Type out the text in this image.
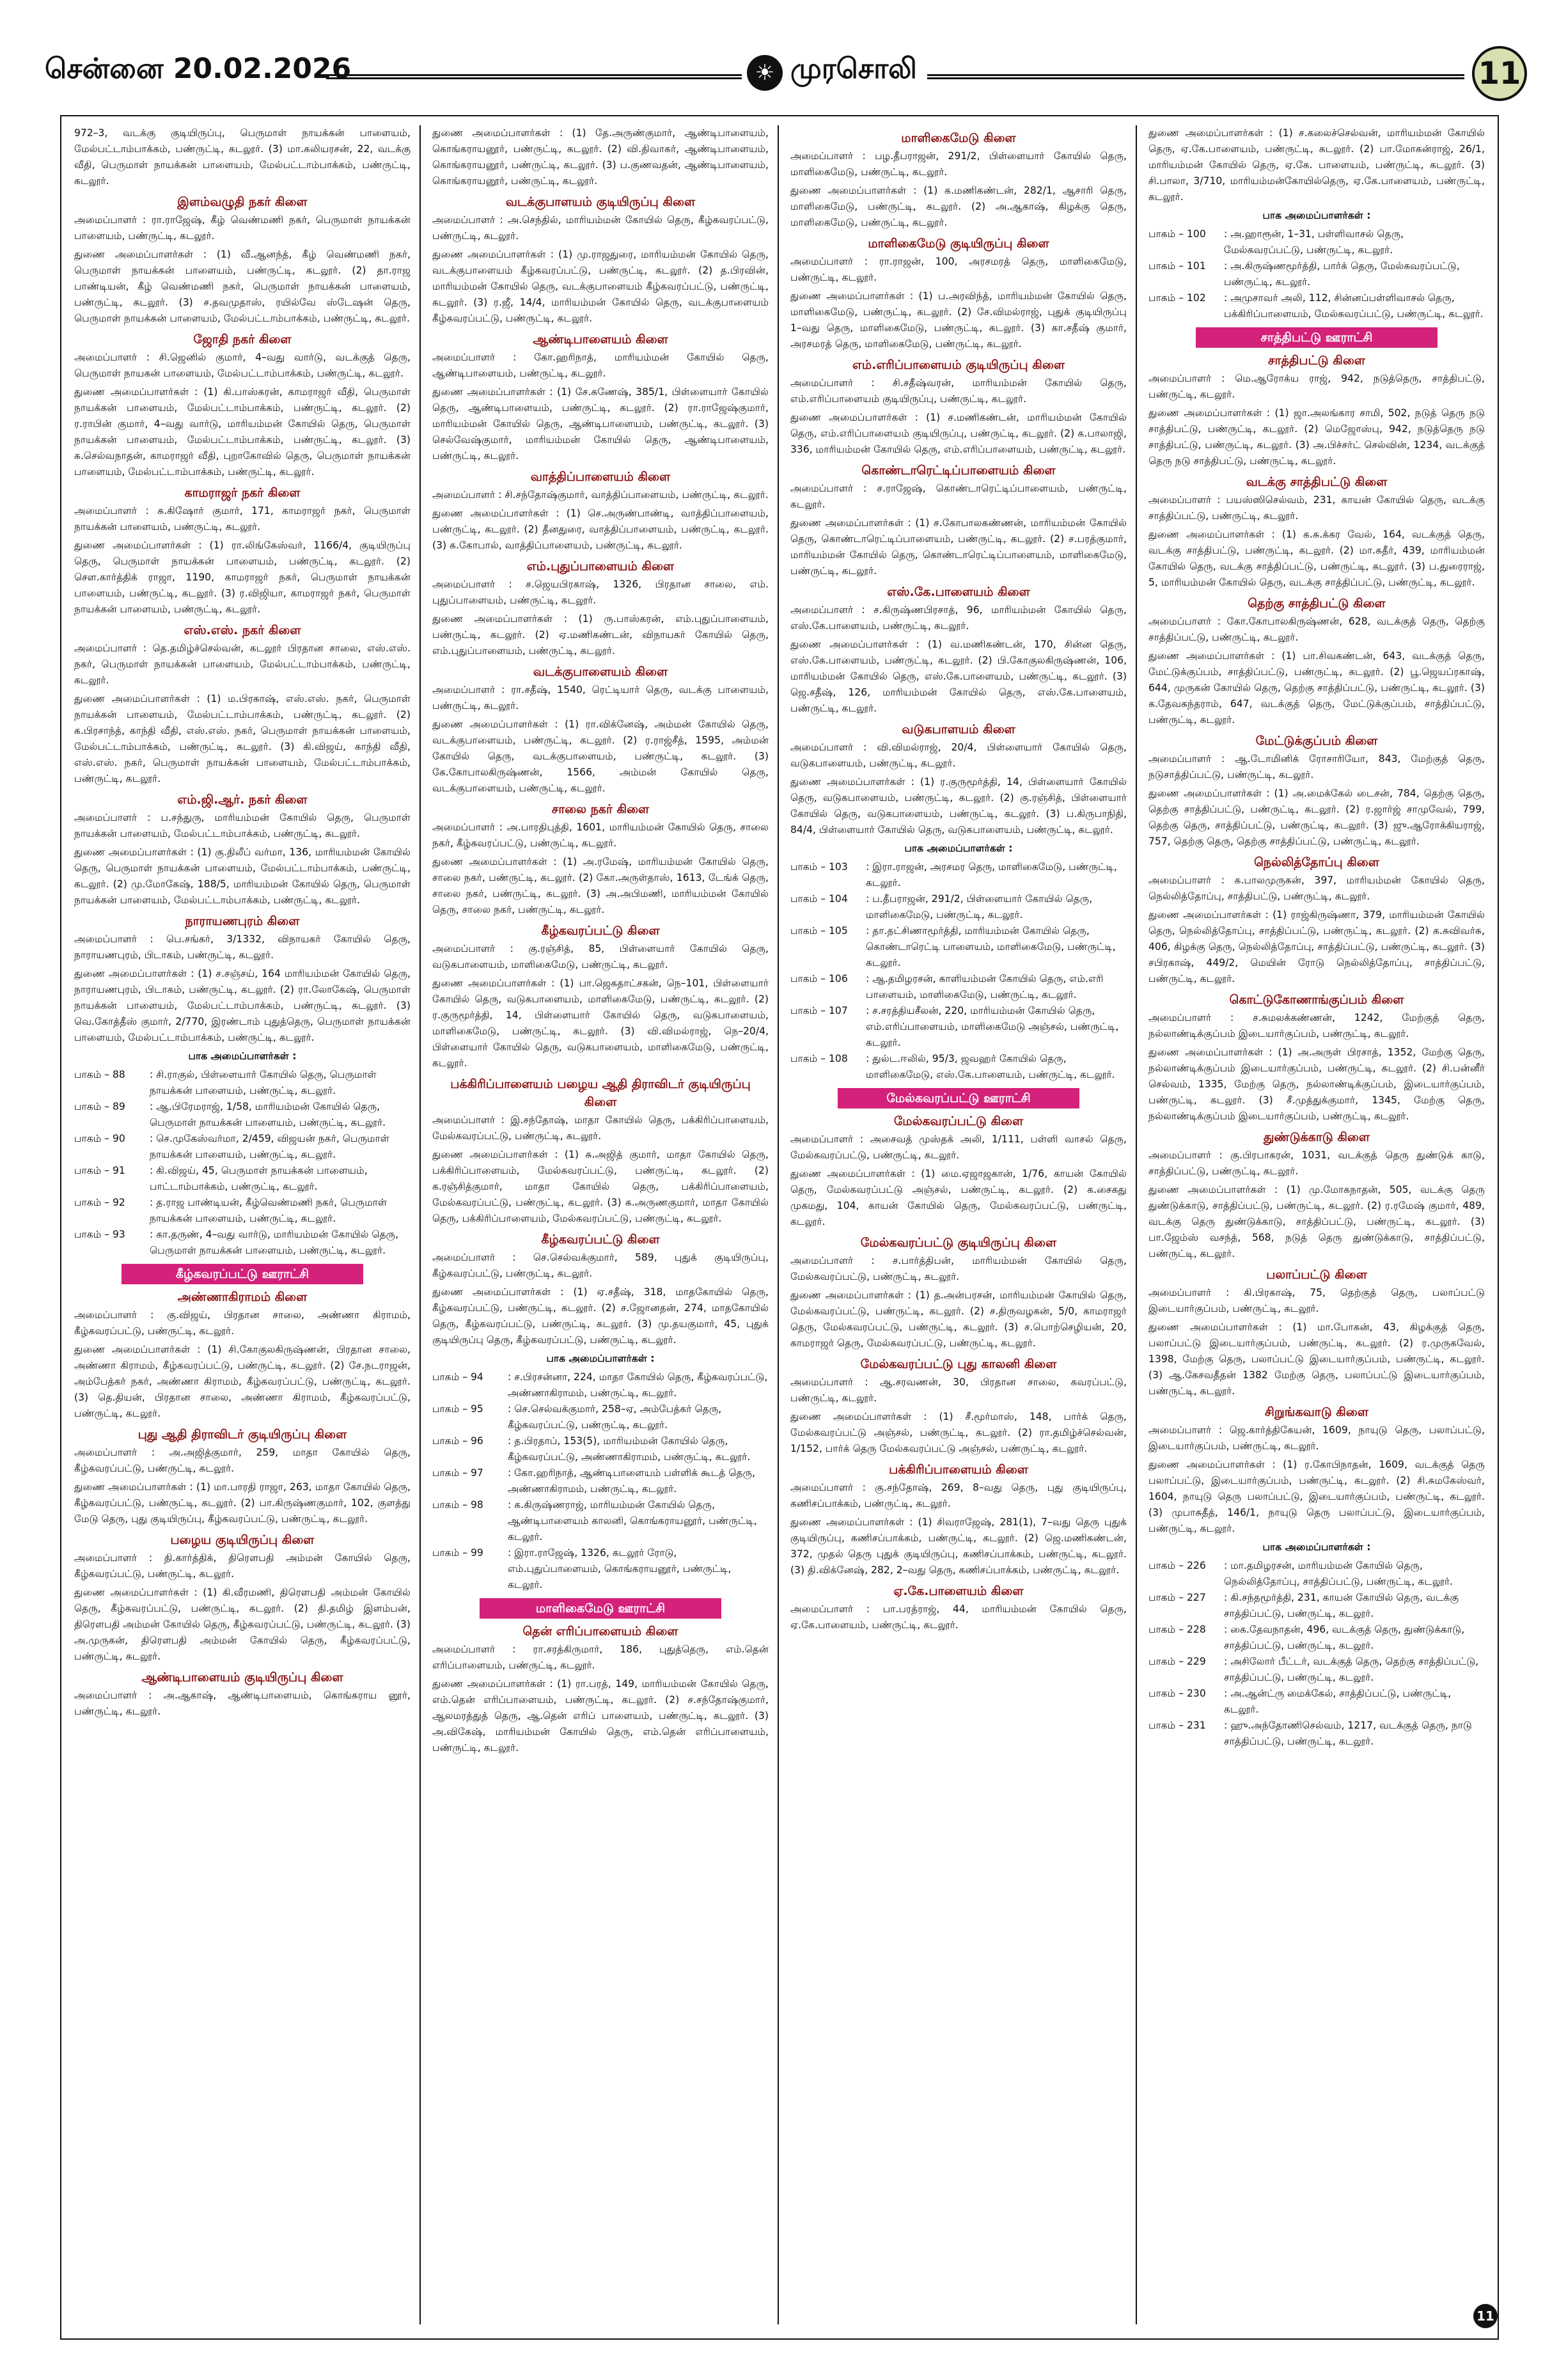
சென்னை 20.02.2026	☀ முரசொலி	11

972–3, வடக்கு குடியிருப்பு, பெருமாள் நாயக்கன் பாளையம், மேல்பட்டாம்பாக்கம், பண்ருட்டி, கடலூர். (3) மா.கலியரசன், 22, வடக்கு வீதி, பெருமாள் நாயக்கன் பாளையம், மேல்பட்டாம்பாக்கம், பண்ருட்டி, கடலூர்.

இளம்வழுதி நகர் கிளை

அமைப்பாளர் : ரா.ராஜேஷ், கீழ் வெண்மணி நகர், பெருமாள் நாயக்கன் பாளையம், பண்ருட்டி, கடலூர்.

துணை அமைப்பாளர்கள் : (1) வீ.ஆனந்த், கீழ் வெண்மணி நகர், பெருமாள் நாயக்கன் பாளையம், பண்ருட்டி, கடலூர். (2) தா.ராஜ பாண்டியன், கீழ் வெண்மணி நகர், பெருமாள் நாயக்கன் பாளையம், பண்ருட்டி, கடலூர். (3) ச.தவமுதாஸ், ரயில்வே ஸ்டேஷன் தெரு, பெருமாள் நாயக்கன் பாளையம், மேல்பட்டாம்பாக்கம், பண்ருட்டி, கடலூர்.

ஜோதி நகர் கிளை

அமைப்பாளர் : சி.ஜெனில் குமார், 4–வது வார்டு, வடக்குத் தெரு, பெருமாள் நாயகன் பாளையம், மேல்பட்டாம்பாக்கம், பண்ருட்டி, கடலூர்.

துணை அமைப்பாளர்கள் : (1) கி.பாஸ்கரன், காமராஜர் வீதி, பெருமாள் நாயக்கன் பாளையம், மேல்பட்டாம்பாக்கம், பண்ருட்டி, கடலூர். (2) ர.ராபின் குமார், 4–வது வார்டு, மாரியம்மன் கோயில் தெரு, பெருமாள் நாயக்கன் பாளையம், மேல்பட்டாம்பாக்கம், பண்ருட்டி, கடலூர். (3) க.செல்வநாதன், காமராஜர் வீதி, புறாகோவில் தெரு, பெருமாள் நாயக்கன் பாளையம், மேல்பட்டாம்பாக்கம், பண்ருட்டி, கடலூர்.

காமராஜர் நகர் கிளை

அமைப்பாளர் : க.கிஷோர் குமார், 171, காமராஜர் நகர், பெருமாள் நாயக்கன் பாளையம், பண்ருட்டி, கடலூர்.

துணை அமைப்பாளர்கள் : (1) ரா.லிங்கேஸ்வர், 1166/4, குடியிருப்பு தெரு, பெருமாள் நாயக்கன் பாளையம், பண்ருட்டி, கடலூர். (2) சௌ.கார்த்திக் ராஜா, 1190, காமராஜர் நகர், பெருமாள் நாயக்கன் பாளையம், பண்ருட்டி, கடலூர். (3) ர.விஜியா, காமராஜர் நகர், பெருமாள் நாயக்கன் பாளையம், பண்ருட்டி, கடலூர்.

எஸ்.எஸ். நகர் கிளை

அமைப்பாளர் : தெ.தமிழ்ச்செல்வன், கடலூர் பிரதான சாலை, எஸ்.எஸ். நகர், பெருமாள் நாயக்கன் பாளையம், மேல்பட்டாம்பாக்கம், பண்ருட்டி, கடலூர்.

துணை அமைப்பாளர்கள் : (1) ம.பிரகாஷ், எஸ்.எஸ். நகர், பெருமாள் நாயக்கன் பாளையம், மேல்பட்டாம்பாக்கம், பண்ருட்டி, கடலூர். (2) க.பிரசாந்த், காந்தி வீதி, எஸ்.எஸ். நகர், பெருமாள் நாயக்கன் பாளையம், மேல்பட்டாம்பாக்கம், பண்ருட்டி, கடலூர். (3) கி.விஜய், காந்தி வீதி, எஸ்.எஸ். நகர், பெருமாள் நாயக்கன் பாளையம், மேல்பட்டாம்பாக்கம், பண்ருட்டி, கடலூர்.

எம்.ஜி.ஆர். நகர் கிளை

அமைப்பாளர் : ப.சந்துரு, மாரியம்மன் கோயில் தெரு, பெருமாள் நாயக்கன் பாளையம், மேல்பட்டாம்பாக்கம், பண்ருட்டி, கடலூர்.

துணை அமைப்பாளர்கள் : (1) கு.திலீப் வர்மா, 136, மாரியம்மன் கோயில் தெரு, பெருமாள் நாயக்கன் பாளையம், மேல்பட்டாம்பாக்கம், பண்ருட்டி, கடலூர். (2) மு.மோகேஷ், 188/5, மாரியம்மன் கோயில் தெரு, பெருமாள் நாயக்கன் பாளையம், மேல்பட்டாம்பாக்கம், பண்ருட்டி, கடலூர்.

நாராயணபுரம் கிளை

அமைப்பாளர் : பெ.சங்கர், 3/1332, விநாயகர் கோயில் தெரு, நாராயணபுரம், பிடாகம், பண்ருட்டி, கடலூர்.

துணை அமைப்பாளர்கள் : (1) ச.சஞ்சய், 164 மாரியம்மன் கோயில் தெரு, நாராயணபுரம், பிடாகம், பண்ருட்டி, கடலூர். (2) ரா.லோகேஷ், பெருமாள் நாயக்கன் பாளையம், மேல்பட்டாம்பாக்கம், பண்ருட்டி, கடலூர். (3) வெ.கோத்தீஸ் குமார், 2/770, இரண்டாம் புதுத்தெரு, பெருமாள் நாயக்கன் பாளையம், மேல்பட்டாம்பாக்கம், பண்ருட்டி, கடலூர்.

பாக அமைப்பாளர்கள் :
பாகம் – 88	: சி.ராகுல், பிள்ளையார் கோயில் தெரு, பெருமாள் நாயக்கன் பாளையம், பண்ருட்டி, கடலூர்.
பாகம் – 89	: ஆ.பிரேமராஜ், 1/58, மாரியம்மன் கோயில் தெரு, பெருமாள் நாயக்கன் பாளையம், பண்ருட்டி, கடலூர்.
பாகம் – 90	: செ.முகேஸ்வர்மா, 2/459, விஜயன் நகர், பெருமாள் நாயக்கன் பாளையம், பண்ருட்டி, கடலூர்.
பாகம் – 91	: கி.விஜய், 45, பெருமாள் நாயக்கன் பாளையம், பாட்டாம்பாக்கம், பண்ருட்டி, கடலூர்.
பாகம் – 92	: த.ராஜ பாண்டியன், கீழ்வெண்மணி நகர், பெருமாள் நாயக்கன் பாளையம், பண்ருட்டி, கடலூர்.
பாகம் – 93	: கா.தருண், 4–வது வார்டு, மாரியம்மன் கோயில் தெரு, பெருமாள் நாயக்கன் பாளையம், பண்ருட்டி, கடலூர்.
கீழ்கவரப்பட்டு ஊராட்சி
அண்ணாகிராமம் கிளை

அமைப்பாளர் : கு.விஜய், பிரதான சாலை, அண்ணா கிராமம், கீழ்கவரப்பட்டு, பண்ருட்டி, கடலூர்.

துணை அமைப்பாளர்கள் : (1) சி.கோகுலகிருஷ்ணன், பிரதான சாலை, அண்ணா கிராமம், கீழ்கவரப்பட்டு, பண்ருட்டி, கடலூர். (2) சே.நடராஜன், அம்பேத்கர் நகர், அண்ணா கிராமம், கீழ்கவரப்பட்டு, பண்ருட்டி, கடலூர். (3) தெ.தியன், பிரதான சாலை, அண்ணா கிராமம், கீழ்கவரப்பட்டு, பண்ருட்டி, கடலூர்.

புது ஆதி திராவிடர் குடியிருப்பு கிளை

அமைப்பாளர் : அ.அஜித்குமார், 259, மாதா கோயில் தெரு, கீழ்கவரப்பட்டு, பண்ருட்டி, கடலூர்.

துணை அமைப்பாளர்கள் : (1) மா.பாரதி ராஜா, 263, மாதா கோயில் தெரு, கீழ்கவரப்பட்டு, பண்ருட்டி, கடலூர். (2) பா.கிருஷ்ணகுமார், 102, குளத்து மேடு தெரு, புது குடியிருப்பு, கீழ்கவரப்பட்டு, பண்ருட்டி, கடலூர்.

பழைய குடியிருப்பு கிளை

அமைப்பாளர் : தி.கார்த்திக், திரௌபதி அம்மன் கோயில் தெரு, கீழ்கவரப்பட்டு, பண்ருட்டி, கடலூர்.

துணை அமைப்பாளர்கள் : (1) கி.வீரமணி, திரௌபதி அம்மன் கோயில் தெரு, கீழ்கவரப்பட்டு, பண்ருட்டி, கடலூர். (2) தி.தமிழ் இளம்பன், திரௌபதி அம்மன் கோயில் தெரு, கீழ்கவரப்பட்டு, பண்ருட்டி, கடலூர். (3) அ.முருகன், திரௌபதி அம்மன் கோயில் தெரு, கீழ்கவரப்பட்டு, பண்ருட்டி, கடலூர்.

ஆண்டிபாளையம் குடியிருப்பு கிளை

அமைப்பாளர் : அ.ஆகாஷ், ஆண்டிபாளையம், கொங்கராய னூர், பண்ருட்டி, கடலூர்.

துணை அமைப்பாளர்கள் : (1) தே.அருண்குமார், ஆண்டிபாளையம், கொங்கராயனூர், பண்ருட்டி, கடலூர். (2) வி.திவாகர், ஆண்டிபாளையம், கொங்கராயனூர், பண்ருட்டி, கடலூர். (3) ப.குணவதன், ஆண்டிபாளையம், கொங்கராயனூர், பண்ருட்டி, கடலூர்.

வடக்குபாளயம் குடியிருப்பு கிளை

அமைப்பாளர் : அ.செந்தில், மாரியம்மன் கோயில் தெரு, கீழ்கவரப்பட்டு, பண்ருட்டி, கடலூர்.

துணை அமைப்பாளர்கள் : (1) மு.ராஜதுரை, மாரியம்மன் கோயில் தெரு, வடக்குபாளையம் கீழ்கவரப்பட்டு, பண்ருட்டி, கடலூர். (2) த.பிரவின், மாரியம்மன் கோயில் தெரு, வடக்குபாளையம் கீழ்கவரப்பட்டு, பண்ருட்டி, கடலூர். (3) ர.ஜீ, 14/4, மாரியம்மன் கோயில் தெரு, வடக்குபாளையம் கீழ்கவரப்பட்டு, பண்ருட்டி, கடலூர்.

ஆண்டிபாளையம் கிளை

அமைப்பாளர் : கோ.ஹரிநாத், மாரியம்மன் கோயில் தெரு, ஆண்டிபாளையம், பண்ருட்டி, கடலூர்.

துணை அமைப்பாளர்கள் : (1) சே.கணேஷ், 385/1, பிள்ளையார் கோயில் தெரு, ஆண்டிபாளையம், பண்ருட்டி, கடலூர். (2) ரா.ராஜேஷ்குமார், மாரியம்மன் கோயில் தெரு, ஆண்டிபாளையம், பண்ருட்டி, கடலூர். (3) செல்வேஷ்குமார், மாரியம்மன் கோயில் தெரு, ஆண்டிபாளையம், பண்ருட்டி, கடலூர்.

வாத்திப்பாளையம் கிளை

அமைப்பாளர் : சி.சந்தோஷ்குமார், வாத்திப்பாளையம், பண்ருட்டி, கடலூர்.

துணை அமைப்பாளர்கள் : (1) செ.அருண்பாண்டி, வாத்திப்பாளையம், பண்ருட்டி, கடலூர். (2) தீனதுரை, வாத்திப்பாளையம், பண்ருட்டி, கடலூர். (3) க.கோபால், வாத்திப்பாளையம், பண்ருட்டி, கடலூர்.

எம்.புதுப்பாளையம் கிளை

அமைப்பாளர் : ச.ஜெயபிரகாஷ், 1326, பிரதான சாலை, எம். புதுப்பாளையம், பண்ருட்டி, கடலூர்.

துணை அமைப்பாளர்கள் : (1) ரு.பாஸ்கரன், எம்.புதுப்பாளையம், பண்ருட்டி, கடலூர். (2) ஏ.மணிகண்டன், விநாயகர் கோயில் தெரு, எம்.புதுப்பாளையம், பண்ருட்டி, கடலூர்.

வடக்குபாளையம் கிளை

அமைப்பாளர் : ரா.சதீஷ், 1540, ரெட்டியார் தெரு, வடக்கு பாளையம், பண்ருட்டி, கடலூர்.

துணை அமைப்பாளர்கள் : (1) ரா.விக்னேஷ், அம்மன் கோயில் தெரு, வடக்குபாளையம், பண்ருட்டி, கடலூர். (2) ர.ராஜ்சீத், 1595, அம்மன் கோயில் தெரு, வடக்குபாளையம், பண்ருட்டி, கடலூர். (3) கே.கோபாலகிருஷ்ணன், 1566, அம்மன் கோயில் தெரு, வடக்குபாளையம், பண்ருட்டி, கடலூர்.

சாலை நகர் கிளை

அமைப்பாளர் : அ.பாரதிபுத்தி, 1601, மாரியம்மன் கோயில் தெரு, சாலை நகர், கீழ்கவரப்பட்டு, பண்ருட்டி, கடலூர்.

துணை அமைப்பாளர்கள் : (1) அ.ரமேஷ், மாரியம்மன் கோயில் தெரு, சாலை நகர், பண்ருட்டி, கடலூர். (2) கோ.அருள்தாஸ், 1613, டேங்க் தெரு, சாலை நகர், பண்ருட்டி, கடலூர். (3) அ.அபிமணி, மாரியம்மன் கோயில் தெரு, சாலை நகர், பண்ருட்டி, கடலூர்.

கீழ்கவரப்பட்டு கிளை

அமைப்பாளர் : கு.ரஞ்சித், 85, பிள்ளையார் கோயில் தெரு, வடுகபாளையம், மாளிகைமேடு, பண்ருட்டி, கடலூர்.

துணை அமைப்பாளர்கள் : (1) பா.ஜெகதாட்சகன், நெ–101, பிள்ளையார் கோயில் தெரு, வடுகபாளையம், மாளிகைமேடு, பண்ருட்டி, கடலூர். (2) ர.குருமூர்த்தி, 14, பிள்ளையார் கோயில் தெரு, வடுகபாளையம், மாளிகைமேடு, பண்ருட்டி, கடலூர். (3) வி.விமல்ராஜ், நெ–20/4, பிள்ளையார் கோயில் தெரு, வடுகபாளையம், மாளிகைமேடு, பண்ருட்டி, கடலூர்.

பக்கிரிப்பாளையம் பழைய ஆதி திராவிடர் குடியிருப்பு கிளை

அமைப்பாளர் : இ.சந்தோஷ், மாதா கோயில் தெரு, பக்கிரிப்பாளையம், மேல்கவரப்பட்டு, பண்ருட்டி, கடலூர்.

துணை அமைப்பாளர்கள் : (1) சு.அஜித் குமார், மாதா கோயில் தெரு, பக்கிரிப்பாளையம், மேல்கவரப்பட்டு, பண்ருட்டி, கடலூர். (2) க.ரஞ்சித்குமார், மாதா கோயில் தெரு, பக்கிரிப்பாளையம், மேல்கவரப்பட்டு, பண்ருட்டி, கடலூர். (3) க.அருணகுமார், மாதா கோயில் தெரு, பக்கிரிப்பாளையம், மேல்கவரப்பட்டு, பண்ருட்டி, கடலூர்.

கீழ்கவரப்பட்டு கிளை

அமைப்பாளர் : செ.செல்வக்குமார், 589, புதுக் குடியிருப்பு, கீழ்கவரப்பட்டு, பண்ருட்டி, கடலூர்.

துணை அமைப்பாளர்கள் : (1) ஏ.சதீஷ், 318, மாதகோயில் தெரு, கீழ்கவரப்பட்டு, பண்ருட்டி, கடலூர். (2) ச.ஜோனதன், 274, மாதகோயில் தெரு, கீழ்கவரப்பட்டு, பண்ருட்டி, கடலூர். (3) மு.தயகுமார், 45, புதுக் குடியிருப்பு தெரு, கீழ்கவரப்பட்டு, பண்ருட்டி, கடலூர்.

பாக அமைப்பாளர்கள் :
பாகம் – 94	: ச.பிரசன்னா, 224, மாதா கோயில் தெரு, கீழ்கவரப்பட்டு, அண்ணாகிராமம், பண்ருட்டி, கடலூர்.
பாகம் – 95	: செ.செல்வக்குமார், 258–ஏ, அம்பேத்கர் தெரு, கீழ்கவரப்பட்டு, பண்ருட்டி, கடலூர்.
பாகம் – 96	: த.பிரதாப், 153(5), மாரியம்மன் கோயில் தெரு, கீழ்கவரப்பட்டு, அண்ணாகிராமம், பண்ருட்டி, கடலூர்.
பாகம் – 97	: கோ.ஹரிநாத், ஆண்டிபாளையம் பள்ளிக் கூடத் தெரு, அண்ணாகிராமம், பண்ருட்டி, கடலூர்.
பாகம் – 98	: க.கிருஷ்ணராஜ், மாரியம்மன் கோயில் தெரு, ஆண்டிபாளையம் காலனி, கொங்கராயனூர், பண்ருட்டி, கடலூர்.
பாகம் – 99	: இரா.ராஜேஷ், 1326, கடலூர் ரோடு, எம்.புதுப்பாளையம், கொங்கராயனூர், பண்ருட்டி, கடலூர்.
மாளிகைமேடு ஊராட்சி
தென் எரிப்பாளையம் கிளை

அமைப்பாளர் : ரா.சரத்கிருமார், 186, புதுத்தெரு, எம்.தென் எரிப்பாளையம், பண்ருட்டி, கடலூர்.

துணை அமைப்பாளர்கள் : (1) ரா.பரத், 149, மாரியம்மன் கோயில் தெரு, எம்.தென் எரிப்பாளையம், பண்ருட்டி, கடலூர். (2) ச.சந்தோஷ்குமார், ஆலமரத்துத் தெரு, ஆ.தென் எரிப் பாளையம், பண்ருட்டி, கடலூர். (3) அ.விகேஷ், மாரியம்மன் கோயில் தெரு, எம்.தென் எரிப்பாளையம், பண்ருட்டி, கடலூர்.

மாளிகைமேடு கிளை

அமைப்பாளர் : பழ.தீபராஜன், 291/2, பிள்ளையார் கோயில் தெரு, மாளிகைமேடு, பண்ருட்டி, கடலூர்.

துணை அமைப்பாளர்கள் : (1) க.மணிகண்டன், 282/1, ஆசாரி தெரு, மாளிகைமேடு, பண்ருட்டி, கடலூர். (2) அ.ஆகாஷ், கிழக்கு தெரு, மாளிகைமேடு, பண்ருட்டி, கடலூர்.

மாளிகைமேடு குடியிருப்பு கிளை

அமைப்பாளர் : ரா.ராஜன், 100, அரசமரத் தெரு, மாளிகைமேடு, பண்ருட்டி, கடலூர்.

துணை அமைப்பாளர்கள் : (1) ப.அரவிந்த், மாரியம்மன் கோயில் தெரு, மாளிகைமேடு, பண்ருட்டி, கடலூர். (2) சே.விமல்ராஜ், புதுக் குடியிருப்பு 1–வது தெரு, மாளிகைமேடு, பண்ருட்டி, கடலூர். (3) கா.சதீஷ் குமார், அரசமரத் தெரு, மாளிகைமேடு, பண்ருட்டி, கடலூர்.

எம்.எரிப்பாளையம் குடியிருப்பு கிளை

அமைப்பாளர் : சி.சதீஷ்வரன், மாரியம்மன் கோயில் தெரு, எம்.எரிப்பாளையம் குடியிருப்பு, பண்ருட்டி, கடலூர்.

துணை அமைப்பாளர்கள் : (1) ச.மணிகண்டன், மாரியம்மன் கோயில் தெரு, எம்.எரிப்பாளையம் குடியிருப்பு, பண்ருட்டி, கடலூர். (2) க.பாலாஜி, 336, மாரியம்மன் கோயில் தெரு, எம்.எரிப்பாளையம், பண்ருட்டி, கடலூர்.

கொண்டாரெட்டிப்பாளையம் கிளை

அமைப்பாளர் : ச.ராஜேஷ், கொண்டாரெட்டிப்பாளையம், பண்ருட்டி, கடலூர்.

துணை அமைப்பாளர்கள் : (1) ச.கோபாலகண்ணன், மாரியம்மன் கோயில் தெரு, கொண்டாரெட்டிப்பாளையம், பண்ருட்டி, கடலூர். (2) ச.பரத்குமார், மாரியம்மன் கோயில் தெரு, கொண்டாரெட்டிப்பாளையம், மாளிகைமேடு, பண்ருட்டி, கடலூர்.

எஸ்.கே.பாளையம் கிளை

அமைப்பாளர் : ச.கிருஷ்ணபிரசாத், 96, மாரியம்மன் கோயில் தெரு, எஸ்.கே.பாளையம், பண்ருட்டி, கடலூர்.

துணை அமைப்பாளர்கள் : (1) வ.மணிகண்டன், 170, சின்ன தெரு, எஸ்.கே.பாளையம், பண்ருட்டி, கடலூர். (2) பி.கோகுலகிருஷ்ணன், 106, மாரியம்மன் கோயில் தெரு, எஸ்.கே.பாளையம், பண்ருட்டி, கடலூர். (3) ஜெ.சதீஷ், 126, மாரியம்மன் கோயில் தெரு, எஸ்.கே.பாளையம், பண்ருட்டி, கடலூர்.

வடுகபாளயம் கிளை

அமைப்பாளர் : வி.விமல்ராஜ், 20/4, பிள்ளையார் கோயில் தெரு, வடுகபாளையம், பண்ருட்டி, கடலூர்.

துணை அமைப்பாளர்கள் : (1) ர.குருமூர்த்தி, 14, பிள்ளையார் கோயில் தெரு, வடுகபாளையம், பண்ருட்டி, கடலூர். (2) கு.ரஞ்சித், பிள்ளையார் கோயில் தெரு, வடுகபாளையம், பண்ருட்டி, கடலூர். (3) ப.கிருபாநிதி, 84/4, பிள்ளையார் கோயில் தெரு, வடுகபாளையம், பண்ருட்டி, கடலூர்.

பாக அமைப்பாளர்கள் :
பாகம் – 103	: இரா.ராஜன், அரசமர தெரு, மாளிகைமேடு, பண்ருட்டி, கடலூர்.
பாகம் – 104	: ப.தீபராஜன், 291/2, பிள்ளையார் கோயில் தெரு, மாளிகைமேடு, பண்ருட்டி, கடலூர்.
பாகம் – 105	: தா.தட்சிணாமூர்த்தி, மாரியம்மன் கோயில் தெரு, கொண்டாரெட்டி பாளையம், மாளிகைமேடு, பண்ருட்டி, கடலூர்.
பாகம் – 106	: ஆ.தமிழரசன், காளியம்மன் கோயில் தெரு, எம்.எரி பாளையம், மாளிகைமேடு, பண்ருட்டி, கடலூர்.
பாகம் – 107	: ச.சரத்தியசீலன், 220, மாரியம்மன் கோயில் தெரு, எம்.எரிப்பாளையம், மாளிகைமேடு அஞ்சல், பண்ருட்டி, கடலூர்.
பாகம் – 108	: துல்ட.ஈலில், 95/3, ஜவஹர் கோயில் தெரு, மாளிகைமேடு, எஸ்.கே.பாளையம், பண்ருட்டி, கடலூர்.
மேல்கவரப்பட்டு ஊராட்சி
மேல்கவரப்பட்டு கிளை

அமைப்பாளர் : அசைவத் முஸ்தக் அலி, 1/111, பள்ளி வாசல் தெரு, மேல்கவரப்பட்டு, பண்ருட்டி, கடலூர்.

துணை அமைப்பாளர்கள் : (1) மை.ஏஜாஜகான், 1/76, காயன் கோயில் தெரு, மேல்கவரப்பட்டு அஞ்சல், பண்ருட்டி, கடலூர். (2) க.சைகது முகமது, 104, காயன் கோயில் தெரு, மேல்கவரப்பட்டு, பண்ருட்டி, கடலூர்.

மேல்கவரப்பட்டு குடியிருப்பு கிளை

அமைப்பாளர் : ச.பார்த்திபன், மாரியம்மன் கோயில் தெரு, மேல்கவரப்பட்டு, பண்ருட்டி, கடலூர்.

துணை அமைப்பாளர்கள் : (1) த.அன்பரசன், மாரியம்மன் கோயில் தெரு, மேல்கவரப்பட்டு, பண்ருட்டி, கடலூர். (2) ச.திருவழகன், 5/0, காமராஜர் தெரு, மேல்கவரப்பட்டு, பண்ருட்டி, கடலூர். (3) ச.பொற்செழியன், 20, காமராஜர் தெரு, மேல்கவரப்பட்டு, பண்ருட்டி, கடலூர்.

மேல்கவரப்பட்டு புது காலனி கிளை

அமைப்பாளர் : ஆ.சரவணன், 30, பிரதான சாலை, கவரப்பட்டு, பண்ருட்டி, கடலூர்.

துணை அமைப்பாளர்கள் : (1) சீ.மூர்மாஸ், 148, பார்க் தெரு, மேல்கவரப்பட்டு அஞ்சல், பண்ருட்டி, கடலூர். (2) ரா.தமிழ்ச்செல்வன், 1/152, பார்க் தெரு மேல்கவரப்பட்டு அஞ்சல், பண்ருட்டி, கடலூர்.

பக்கிரிப்பாளையம் கிளை

அமைப்பாளர் : கு.சந்தோஷ், 269, 8–வது தெரு, புது குடியிருப்பு, கணிசப்பாக்கம், பண்ருட்டி, கடலூர்.

துணை அமைப்பாளர்கள் : (1) சிவராஜேஷ், 281(1), 7–வது தெரு புதுக் குடியிருப்பு, கணிசப்பாக்கம், பண்ருட்டி, கடலூர். (2) ஜெ.மணிகண்டன், 372, முதல் தெரு புதுக் குடியிருப்பு, கணிசப்பாக்கம், பண்ருட்டி, கடலூர். (3) தி.விக்னேஷ், 282, 2–வது தெரு, கணிசப்பாக்கம், பண்ருட்டி, கடலூர்.

ஏ.கே.பாளையம் கிளை

அமைப்பாளர் : பா.பரத்ராஜ், 44, மாரியம்மன் கோயில் தெரு, ஏ.கே.பாளையம், பண்ருட்டி, கடலூர்.

துணை அமைப்பாளர்கள் : (1) ச.கலைச்செல்வன், மாரியம்மன் கோயில் தெரு, ஏ.கே.பாளையம், பண்ருட்டி, கடலூர். (2) பா.மோகன்ராஜ், 26/1, மாரியம்மன் கோயில் தெரு, ஏ.கே. பாளையம், பண்ருட்டி, கடலூர். (3) சி.பாலா, 3/710, மாரியம்மன்கோயில்தெரு, ஏ.கே.பாளையம், பண்ருட்டி, கடலூர்.

பாக அமைப்பாளர்கள் :
பாகம் – 100	: அ.ஹாரூன், 1–31, பள்ளிவாசல் தெரு, மேல்கவரப்பட்டு, பண்ருட்டி, கடலூர்.
பாகம் – 101	: அ.கிருஷ்ணமூர்த்தி, பார்க் தெரு, மேல்கவரப்பட்டு, பண்ருட்டி, கடலூர்.
பாகம் – 102	: அமுசாவர் அலி, 112, சின்னப்பள்ளிவாசல் தெரு, பக்கிரிப்பாளையம், மேல்கவரப்பட்டு, பண்ருட்டி, கடலூர்.
சாத்திபட்டு ஊராட்சி
சாத்திபட்டு கிளை

அமைப்பாளர் : மெ.ஆரோக்ய ராஜ், 942, நடுத்தெரு, சாத்திபட்டு, பண்ருட்டி, கடலூர்.

துணை அமைப்பாளர்கள் : (1) ஜா.அலங்கார சாமி, 502, நடுத் தெரு நடு சாத்திபட்டு, பண்ருட்டி, கடலூர். (2) மெஜோஸ்பு, 942, நடுத்தெரு நடு சாத்திபட்டு, பண்ருட்டி, கடலூர். (3) அ.பிச்சர்ட் செல்வின், 1234, வடக்குத் தெரு நடு சாத்திபட்டு, பண்ருட்டி, கடலூர்.

வடக்கு சாத்திபட்டு கிளை

அமைப்பாளர் : பயஸ்ஸிசெல்வம், 231, காயன் கோயில் தெரு, வடக்கு சாத்திப்பட்டு, பண்ருட்டி, கடலூர்.

துணை அமைப்பாளர்கள் : (1) க.சு.க்கர வேல், 164, வடக்குத் தெரு, வடக்கு சாத்திபட்டு, பண்ருட்டி, கடலூர். (2) மா.கதீர், 439, மாரியம்மன் கோயில் தெரு, வடக்கு சாத்திப்பட்டு, பண்ருட்டி, கடலூர். (3) ப.துரைராஜ், 5, மாரியம்மன் கோயில் தெரு, வடக்கு சாத்திப்பட்டு, பண்ருட்டி, கடலூர்.

தெற்கு சாத்திபட்டு கிளை

அமைப்பாளர் : கோ.கோபாலகிருஷ்ணன், 628, வடக்குத் தெரு, தெற்கு சாத்திப்பட்டு, பண்ருட்டி, கடலூர்.

துணை அமைப்பாளர்கள் : (1) பா.சிவகண்டன், 643, வடக்குத் தெரு, மேட்டுக்குப்பம், சாத்திப்பட்டு, பண்ருட்டி, கடலூர். (2) பூ.ஜெயப்ரகாஷ், 644, முருகன் கோயில் தெரு, தெற்கு சாத்திப்பட்டு, பண்ருட்டி, கடலூர். (3) க.தேவகந்தராம், 647, வடக்குத் தெரு, மேட்டுக்குப்பம், சாத்திப்பட்டு, பண்ருட்டி, கடலூர்.

மேட்டுக்குப்பம் கிளை

அமைப்பாளர் : ஆ.டோமினிக் ரோசாரியோ, 843, மேற்குத் தெரு, நடுசாத்திப்பட்டு, பண்ருட்டி, கடலூர்.

துணை அமைப்பாளர்கள் : (1) அ.மைக்கேல் டைசன், 784, தெற்கு தெரு, தெற்கு சாத்திப்பட்டு, பண்ருட்டி, கடலூர். (2) ர.ஜார்ஜ் சாமுவேல், 799, தெற்கு தெரு, சாத்திப்பட்டு, பண்ருட்டி, கடலூர். (3) ஜு.ஆரோக்கியராஜ், 757, தெற்கு தெரு, தெற்கு சாத்திப்பட்டு, பண்ருட்டி, கடலூர்.

நெல்லித்தோப்பு கிளை

அமைப்பாளர் : க.பாலமுருகன், 397, மாரியம்மன் கோயில் தெரு, நெல்லித்தோப்பு, சாத்திபட்டு, பண்ருட்டி, கடலூர்.

துணை அமைப்பாளர்கள் : (1) ராஜ்கிருஷ்ணா, 379, மாரியம்மன் கோயில் தெரு, நெல்லித்தோப்பு, சாத்திப்பட்டு, பண்ருட்டி, கடலூர். (2) க.சுவிவர்சு, 406, கிழக்கு தெரு, நெல்லித்தோப்பு, சாத்திப்பட்டு, பண்ருட்டி, கடலூர். (3) சபிரகாஷ், 449/2, மெயின் ரோடு நெல்லித்தோப்பு, சாத்திப்பட்டு, பண்ருட்டி, கடலூர்.

கொட்டுகோணாங்குப்பம் கிளை

அமைப்பாளர் : ச.சுமலக்கண்ணன், 1242, மேற்குத் தெரு, நல்லாண்டிக்குப்பம் இடையார்குப்பம், பண்ருட்டி, கடலூர்.

துணை அமைப்பாளர்கள் : (1) அ.அருள் பிரசாத், 1352, மேற்கு தெரு, நல்லாண்டிக்குப்பம் இடையார்குப்பம், பண்ருட்டி, கடலூர். (2) சி.பன்னீர் செல்வம், 1335, மேற்கு தெரு, நல்லாண்டிக்குப்பம், இடையார்குப்பம், பண்ருட்டி, கடலூர். (3) சீ.முத்துக்குமார், 1345, மேற்கு தெரு, நல்லாண்டிக்குப்பம் இடையார்குப்பம், பண்ருட்டி, கடலூர்.

துண்டுக்காடு கிளை

அமைப்பாளர் : கு.பிரபாகரன், 1031, வடக்குத் தெரு துண்டுக் காடு, சாத்திப்பட்டு, பண்ருட்டி, கடலூர்.

துணை அமைப்பாளர்கள் : (1) மு.மோகநாதன், 505, வடக்கு தெரு துண்டுக்காடு, சாத்திப்பட்டு, பண்ருட்டி, கடலூர். (2) ர.ரமேஷ் குமார், 489, வடக்கு தெரு துண்டுக்காடு, சாத்திப்பட்டு, பண்ருட்டி, கடலூர். (3) பா.ஜேம்ஸ் வசந்த், 568, நடுத் தெரு துண்டுக்காடு, சாத்திப்பட்டு, பண்ருட்டி, கடலூர்.

பலாப்பட்டு கிளை

அமைப்பாளர் : கி.பிரகாஷ், 75, தெற்குத் தெரு, பலாப்பட்டு இடையார்குப்பம், பண்ருட்டி, கடலூர்.

துணை அமைப்பாளர்கள் : (1) மா.போகன், 43, கிழக்குத் தெரு, பலாப்பட்டு இடையார்குப்பம், பண்ருட்டி, கடலூர். (2) ர.முருகவேல், 1398, மேற்கு தெரு, பலாப்பட்டு இடையார்குப்பம், பண்ருட்டி, கடலூர். (3) ஆ.கேசவதீதன் 1382 மேற்கு தெரு, பலாப்பட்டு இடையார்குப்பம், பண்ருட்டி, கடலூர்.

சிறுங்கவாடு கிளை

அமைப்பாளர் : ஜெ.கார்த்திகேயன், 1609, நாயுடு தெரு, பலாப்பட்டு, இடையார்குப்பம், பண்ருட்டி, கடலூர்.

துணை அமைப்பாளர்கள் : (1) ர.கோபிநாதன், 1609, வடக்குத் தெரு பலாப்பட்டு, இடையார்குப்பம், பண்ருட்டி, கடலூர். (2) சி.சுமகேஸ்வர், 1604, நாயுடு தெரு பலாப்பட்டு, இடையார்குப்பம், பண்ருட்டி, கடலூர். (3) முபாசுதீத், 146/1, நாயுடு தெரு பலாப்பட்டு, இடையார்குப்பம், பண்ருட்டி, கடலூர்.

பாக அமைப்பாளர்கள் :
பாகம் – 226	: மா.தமிழரசன், மாரியம்மன் கோயில் தெரு, நெல்லித்தோப்பு, சாத்திப்பட்டு, பண்ருட்டி, கடலூர்.
பாகம் – 227	: கி.சந்தமூர்த்தி, 231, காயன் கோயில் தெரு, வடக்கு சாத்திப்பட்டு, பண்ருட்டி, கடலூர்.
பாகம் – 228	: கை.தேவநாதன், 496, வடக்குத் தெரு, துண்டுக்காடு, சாத்திப்பட்டு, பண்ருட்டி, கடலூர்.
பாகம் – 229	: அசிலோர் பீட்டர், வடக்குத் தெரு, தெற்கு சாத்திப்பட்டு, சாத்திப்பட்டு, பண்ருட்டி, கடலூர்.
பாகம் – 230	: அ.ஆன்ட்ரு மைக்கேல், சாத்திப்பட்டு, பண்ருட்டி, கடலூர்.
பாகம் – 231	: ஹு.அந்தோணிசெல்வம், 1217, வடக்குத் தெரு, நாடு சாத்திப்பட்டு, பண்ருட்டி, கடலூர்.
11
